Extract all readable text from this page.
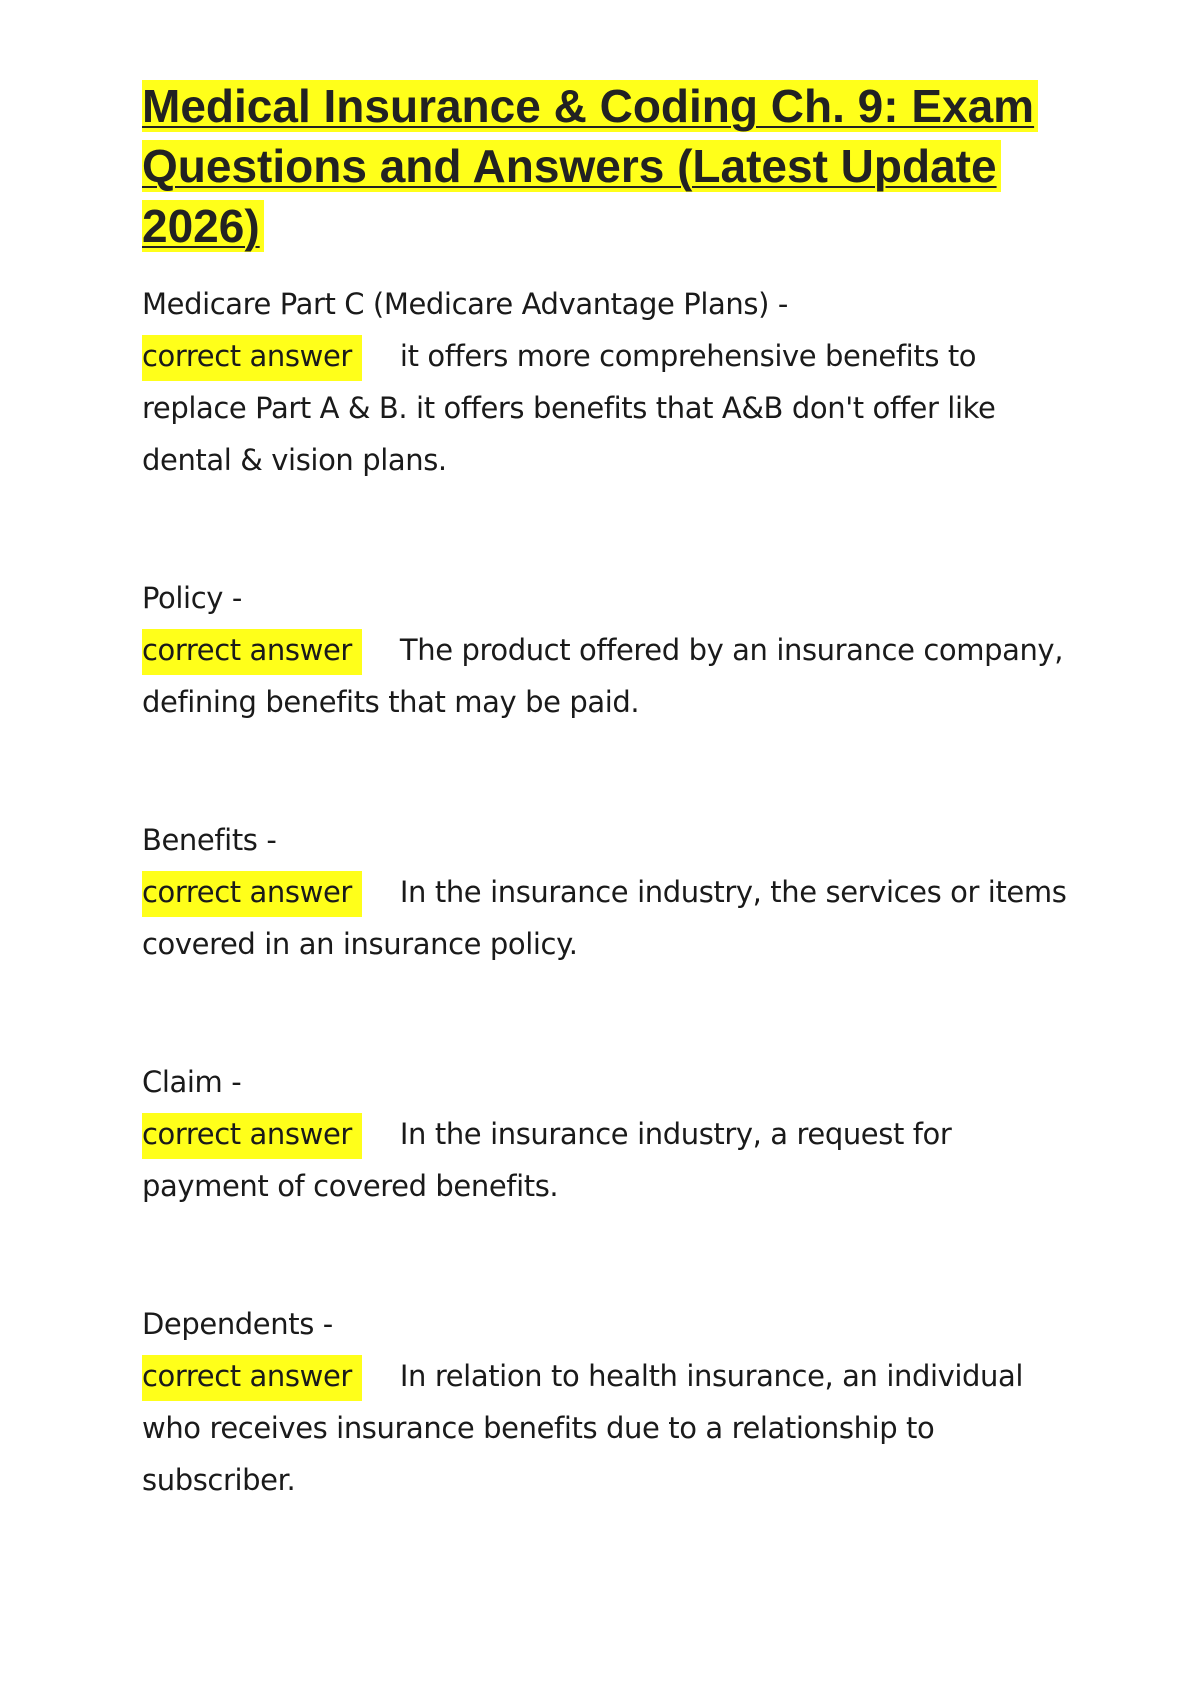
Medical Insurance & Coding Ch. 9: Exam Questions and Answers (Latest Update 2026)
Medicare Part C (Medicare Advantage Plans) -
correct answer it offers more comprehensive benefits to replace Part A & B. it offers benefits that A&B don't offer like dental & vision plans.
Policy -
correct answer The product offered by an insurance company, defining benefits that may be paid.
Benefits -
correct answer In the insurance industry, the services or items covered in an insurance policy.
Claim -
correct answer In the insurance industry, a request for payment of covered benefits.
Dependents -
correct answer In relation to health insurance, an individual who receives insurance benefits due to a relationship to subscriber.
